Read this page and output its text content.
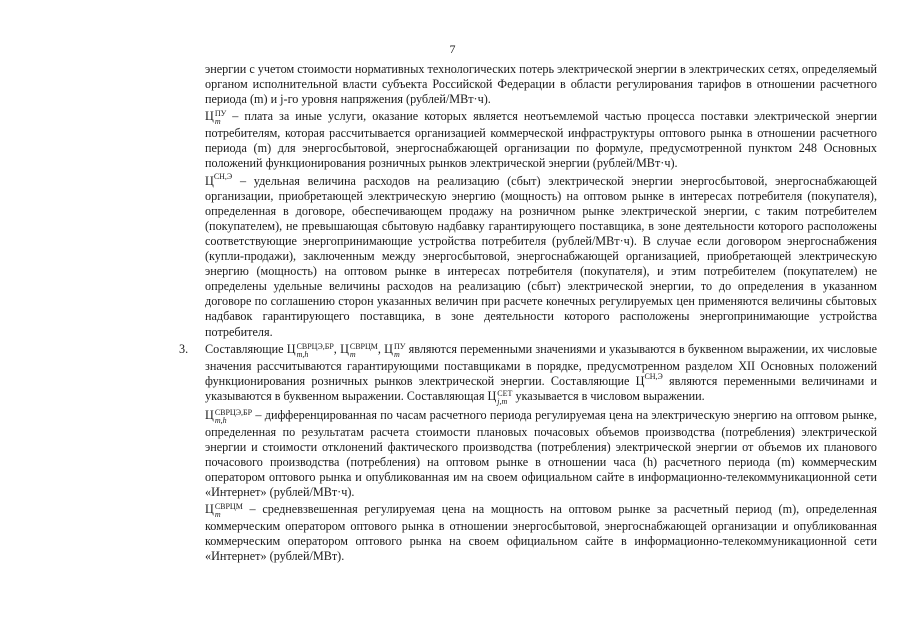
7

энергии с учетом стоимости нормативных технологических потерь электрической энергии в электрических сетях, определяемый органом исполнительной власти субъекта Российской Федерации в области регулирования тарифов в отношении расчетного периода (m) и j-го уровня напряжения (рублей/МВт·ч).

Ц ПУ
m – плата за иные услуги, оказание которых является неотъемлемой частью процесса поставки электрической энергии потребителям, которая рассчитывается организацией коммерческой инфраструктуры оптового рынка в отношении расчетного периода (m) для энергосбытовой, энергоснабжающей организации по формуле, предусмотренной пунктом 248 Основных положений функционирования розничных рынков электрической энергии (рублей/МВт·ч).

$Ц^{СН,Э}$ – удельная величина расходов на реализацию (сбыт) электрической энергии энергосбытовой, энергоснабжающей организации, приобретающей электрическую энергию (мощность) на оптовом рынке в интересах потребителя (покупателя), определенная в договоре, обеспечивающем продажу на розничном рынке электрической энергии, с таким потребителем (покупателем), не превышающая сбытовую надбавку гарантирующего поставщика, в зоне деятельности которого расположены соответствующие энергопринимающие устройства потребителя (рублей/МВт·ч). В случае если договором энергоснабжения (купли-продажи), заключенным между энергосбытовой, энергоснабжающей организацией, приобретающей электрическую энергию (мощность) на оптовом рынке в интересах потребителя (покупателя), и этим потребителем (покупателем) не определены удельные величины расходов на реализацию (сбыт) электрической энергии, то до определения в указанном договоре по соглашению сторон указанных величин при расчете конечных регулируемых цен применяются величины сбытовых надбавок гарантирующего поставщика, в зоне деятельности которого расположены энергопринимающие устройства потребителя.

3. Составляющие Ц СВРЦЭ,БР
m,h	, Ц СВРЦМ
m	, Ц ПУ
m являются переменными значениями и указываются в буквенном выражении, их числовые значения рассчитываются гарантирующими поставщиками в порядке, предусмотренном разделом XII Основных положений функционирования розничных рынков электрической энергии. Составляющие $Ц^{СН,Э}$ являются переменными величинами и указываются в буквенном выражении. Составляющая Ц СЕТ
j,m указывается в числовом выражении.

Ц СВРЦЭ,БР
m,h	– дифференцированная по часам расчетного периода регулируемая цена на электрическую энергию на оптовом рынке, определенная по результатам расчета стоимости плановых почасовых объемов производства (потребления) электрической энергии и стоимости отклонений фактического производства (потребления) электрической энергии от объемов их планового почасового производства (потребления) на оптовом рынке в отношении часа (h) расчетного периода (m) коммерческим оператором оптового рынка и опубликованная им на своем официальном сайте в информационно-телекоммуникационной сети «Интернет» (рублей/МВт·ч).

Ц СВРЦМ
m	– средневзвешенная регулируемая цена на мощность на оптовом рынке за расчетный период (m), определенная коммерческим оператором оптового рынка в отношении энергосбытовой, энергоснабжающей организации и опубликованная коммерческим оператором оптового рынка на своем официальном сайте в информационно-телекоммуникационной сети «Интернет» (рублей/МВт).
